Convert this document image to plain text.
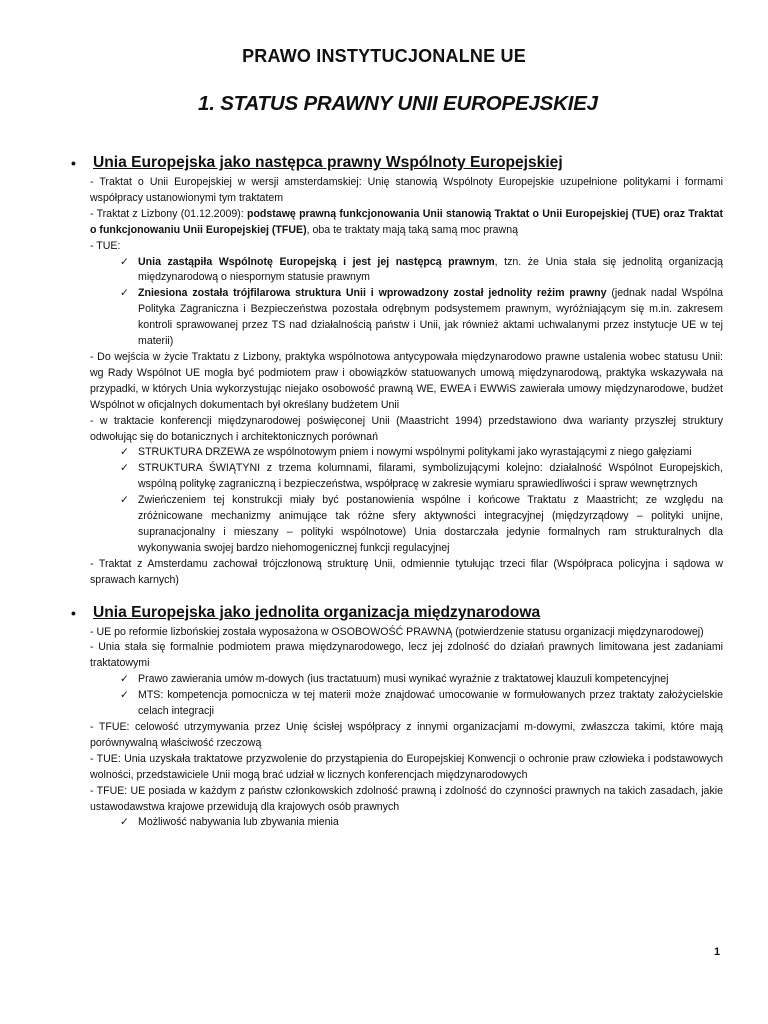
PRAWO INSTYTUCJONALNE UE
1. STATUS PRAWNY UNII EUROPEJSKIEJ
• Unia Europejska jako następca prawny Wspólnoty Europejskiej

- Traktat o Unii Europejskiej w wersji amsterdamskiej: Unię stanowią Wspólnoty Europejskie uzupełnione politykami i formami współpracy ustanowionymi tym traktatem

- Traktat z Lizbony (01.12.2009): podstawę prawną funkcjonowania Unii stanowią Traktat o Unii Europejskiej (TUE) oraz Traktat o funkcjonowaniu Unii Europejskiej (TFUE), oba te traktaty mają taką samą moc prawną

- TUE:

✓ Unia zastąpiła Wspólnotę Europejską i jest jej następcą prawnym, tzn. że Unia stała się jednolitą organizacją międzynarodową o niespornym statusie prawnym
✓ Zniesiona została trójfilarowa struktura Unii i wprowadzony został jednolity reżim prawny (jednak nadal Wspólna Polityka Zagraniczna i Bezpieczeństwa pozostała odrębnym podsystemem prawnym, wyróżniającym się m.in. zakresem kontroli sprawowanej przez TS nad działalnością państw i Unii, jak również aktami uchwalanymi przez instytucje UE w tej materii)

- Do wejścia w życie Traktatu z Lizbony, praktyka wspólnotowa antycypowała międzynarodowo prawne ustalenia wobec statusu Unii: wg Rady Wspólnot UE mogła być podmiotem praw i obowiązków statuowanych umową międzynarodową, praktyka wskazywała na przypadki, w których Unia wykorzystując niejako osobowość prawną WE, EWEA i EWWiS zawierała umowy międzynarodowe, budżet Wspólnot w oficjalnych dokumentach był określany budżetem Unii

- w traktacie konferencji międzynarodowej poświęconej Unii (Maastricht 1994) przedstawiono dwa warianty przyszłej struktury odwołując się do botanicznych i architektonicznych porównań

✓ STRUKTURA DRZEWA ze wspólnotowym pniem i nowymi wspólnymi politykami jako wyrastającymi z niego gałęziami
✓ STRUKTURA ŚWIĄTYNI z trzema kolumnami, filarami, symbolizującymi kolejno: działalność Wspólnot Europejskich, wspólną politykę zagraniczną i bezpieczeństwa, współpracę w zakresie wymiaru sprawiedliwości i spraw wewnętrznych
✓ Zwieńczeniem tej konstrukcji miały być postanowienia wspólne i końcowe Traktatu z Maastricht; ze względu na zróżnicowane mechanizmy animujące tak różne sfery aktywności integracyjnej (międzyrządowy – polityki unijne, supranacjonalny i mieszany – polityki wspólnotowe) Unia dostarczała jedynie formalnych ram strukturalnych dla wykonywania swojej bardzo niehomogenicznej funkcji regulacyjnej

- Traktat z Amsterdamu zachował trójczłonową strukturę Unii, odmiennie tytułując trzeci filar (Współpraca policyjna i sądowa w sprawach karnych)

• Unia Europejska jako jednolita organizacja międzynarodowa

- UE po reformie lizbońskiej została wyposażona w OSOBOWOŚĆ PRAWNĄ (potwierdzenie statusu organizacji międzynarodowej)

- Unia stała się formalnie podmiotem prawa międzynarodowego, lecz jej zdolność do działań prawnych limitowana jest zadaniami traktatowymi

✓ Prawo zawierania umów m-dowych (ius tractatuum) musi wynikać wyraźnie z traktatowej klauzuli kompetencyjnej
✓ MTS: kompetencja pomocnicza w tej materii może znajdować umocowanie w formułowanych przez traktaty założycielskie celach integracji

- TFUE: celowość utrzymywania przez Unię ścisłej współpracy z innymi organizacjami m-dowymi, zwłaszcza takimi, które mają porównywalną właściwość rzeczową

- TUE: Unia uzyskała traktatowe przyzwolenie do przystąpienia do Europejskiej Konwencji o ochronie praw człowieka i podstawowych wolności, przedstawiciele Unii mogą brać udział w licznych konferencjach międzynarodowych

- TFUE: UE posiada w każdym z państw członkowskich zdolność prawną i zdolność do czynności prawnych na takich zasadach, jakie ustawodawstwa krajowe przewidują dla krajowych osób prawnych

✓ Możliwość nabywania lub zbywania mienia
1
